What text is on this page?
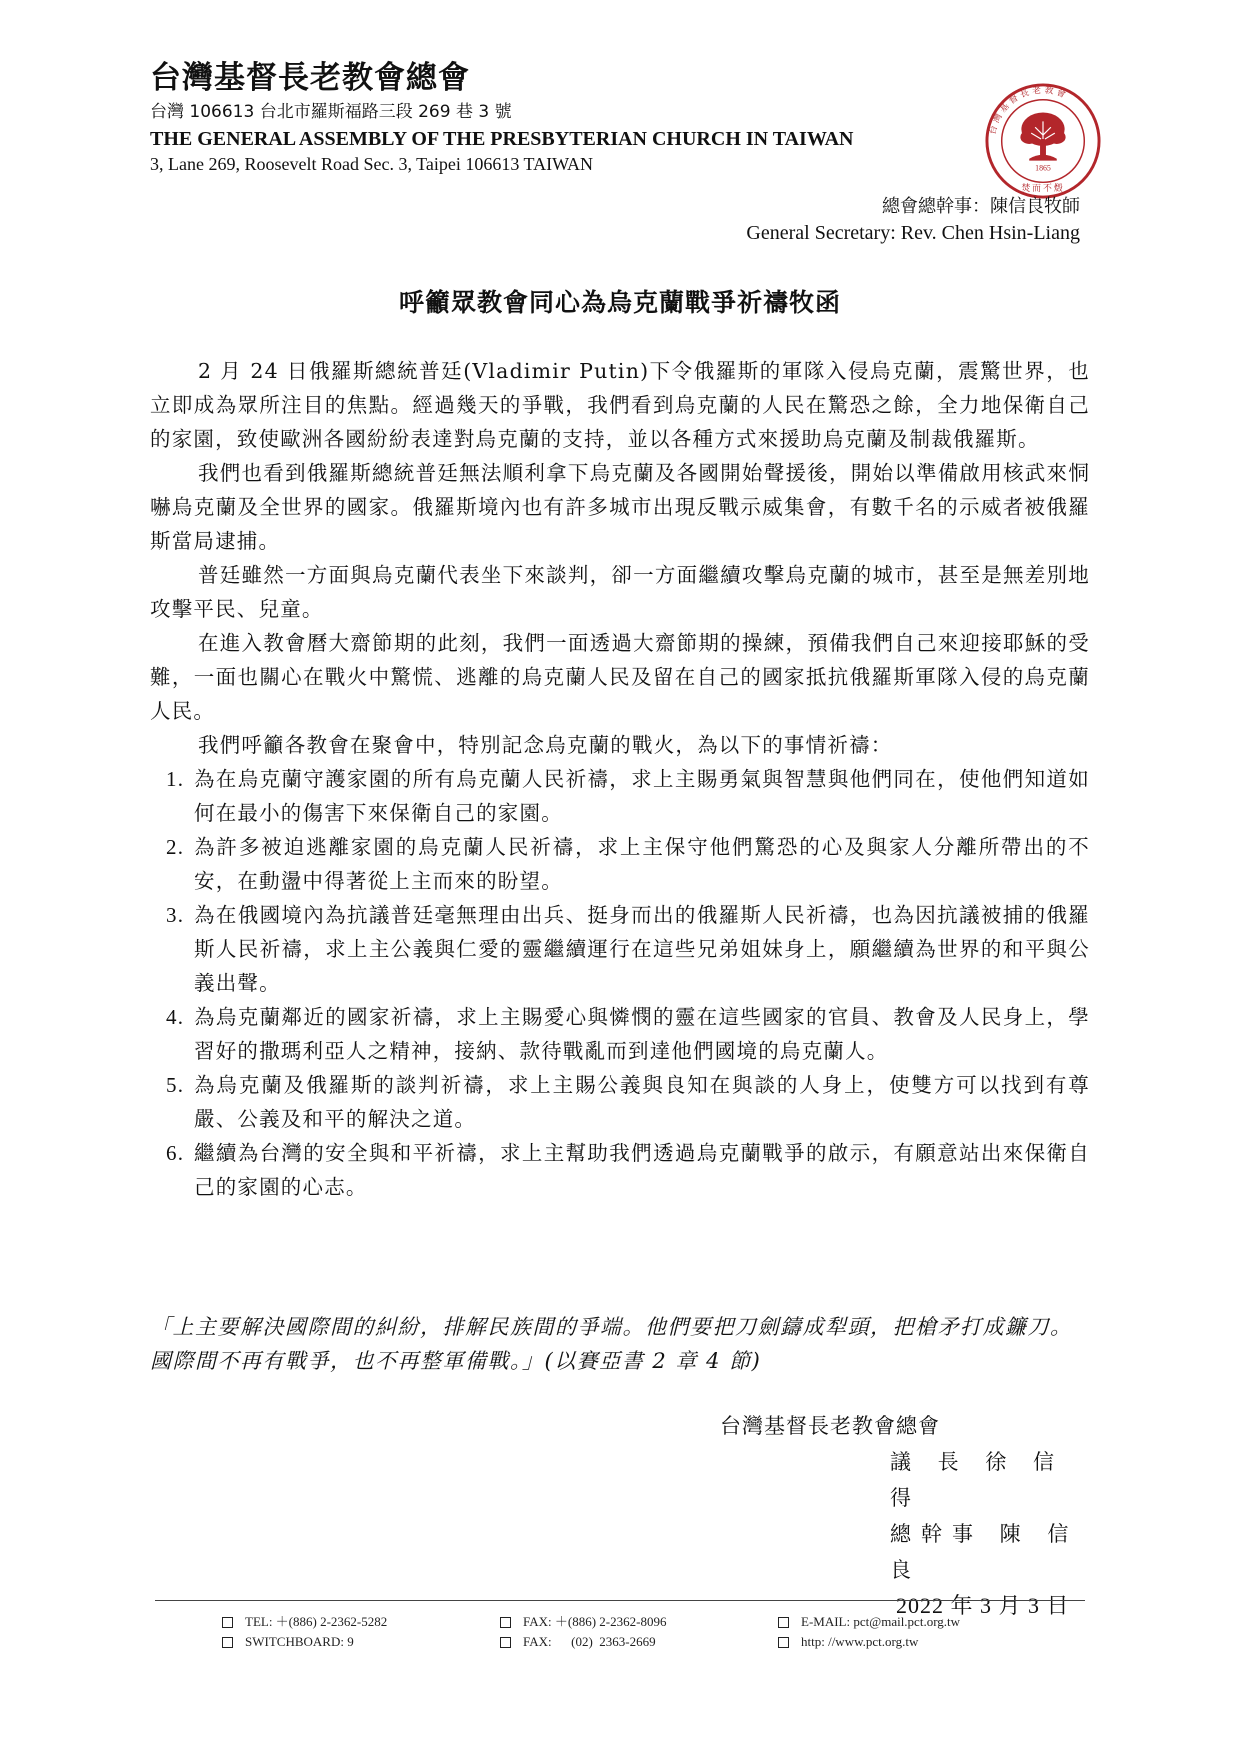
台灣基督長老教會總會
台灣 106613 台北市羅斯福路三段 269 巷 3 號
THE GENERAL ASSEMBLY OF THE PRESBYTERIAN CHURCH IN TAIWAN
3, Lane 269, Roosevelt Road Sec. 3, Taipei 106613 TAIWAN
台灣基督長老教會
1865
焚而不燬
總會總幹事：陳信良牧師
General Secretary: Rev. Chen Hsin-Liang
呼籲眾教會同心為烏克蘭戰爭祈禱牧函

2 月 24 日俄羅斯總統普廷(Vladimir Putin)下令俄羅斯的軍隊入侵烏克蘭，震驚世界，也立即成為眾所注目的焦點。經過幾天的爭戰，我們看到烏克蘭的人民在驚恐之餘，全力地保衛自己的家園，致使歐洲各國紛紛表達對烏克蘭的支持，並以各種方式來援助烏克蘭及制裁俄羅斯。

我們也看到俄羅斯總統普廷無法順利拿下烏克蘭及各國開始聲援後，開始以準備啟用核武來恫嚇烏克蘭及全世界的國家。俄羅斯境內也有許多城市出現反戰示威集會，有數千名的示威者被俄羅斯當局逮捕。

普廷雖然一方面與烏克蘭代表坐下來談判，卻一方面繼續攻擊烏克蘭的城市，甚至是無差別地攻擊平民、兒童。

在進入教會曆大齋節期的此刻，我們一面透過大齋節期的操練，預備我們自己來迎接耶穌的受難，一面也關心在戰火中驚慌、逃離的烏克蘭人民及留在自己的國家抵抗俄羅斯軍隊入侵的烏克蘭人民。

我們呼籲各教會在聚會中，特別記念烏克蘭的戰火，為以下的事情祈禱：

1. 為在烏克蘭守護家園的所有烏克蘭人民祈禱，求上主賜勇氣與智慧與他們同在，使他們知道如何在最小的傷害下來保衛自己的家園。
2. 為許多被迫逃離家園的烏克蘭人民祈禱，求上主保守他們驚恐的心及與家人分離所帶出的不安，在動盪中得著從上主而來的盼望。
3. 為在俄國境內為抗議普廷毫無理由出兵、挺身而出的俄羅斯人民祈禱，也為因抗議被捕的俄羅斯人民祈禱，求上主公義與仁愛的靈繼續運行在這些兄弟姐妹身上，願繼續為世界的和平與公義出聲。
4. 為烏克蘭鄰近的國家祈禱，求上主賜愛心與憐憫的靈在這些國家的官員、教會及人民身上，學習好的撒瑪利亞人之精神，接納、款待戰亂而到達他們國境的烏克蘭人。
5. 為烏克蘭及俄羅斯的談判祈禱，求上主賜公義與良知在與談的人身上，使雙方可以找到有尊嚴、公義及和平的解決之道。
6. 繼續為台灣的安全與和平祈禱，求上主幫助我們透過烏克蘭戰爭的啟示，有願意站出來保衛自己的家園的心志。
「上主要解決國際間的糾紛，排解民族間的爭端。他們要把刀劍鑄成犁頭，把槍矛打成鐮刀。國際間不再有戰爭，也不再整軍備戰。」(以賽亞書 2 章 4 節)
台灣基督長老教會總會
議 長 徐 信 得
總幹事 陳 信 良
2022 年 3 月 3 日
TEL: ＋(886) 2-2362-5282	FAX: ＋(886) 2-2362-8096	E-MAIL: pct@mail.pct.org.tw
SWITCHBOARD: 9	FAX:      (02)  2363-2669	http: //www.pct.org.tw
